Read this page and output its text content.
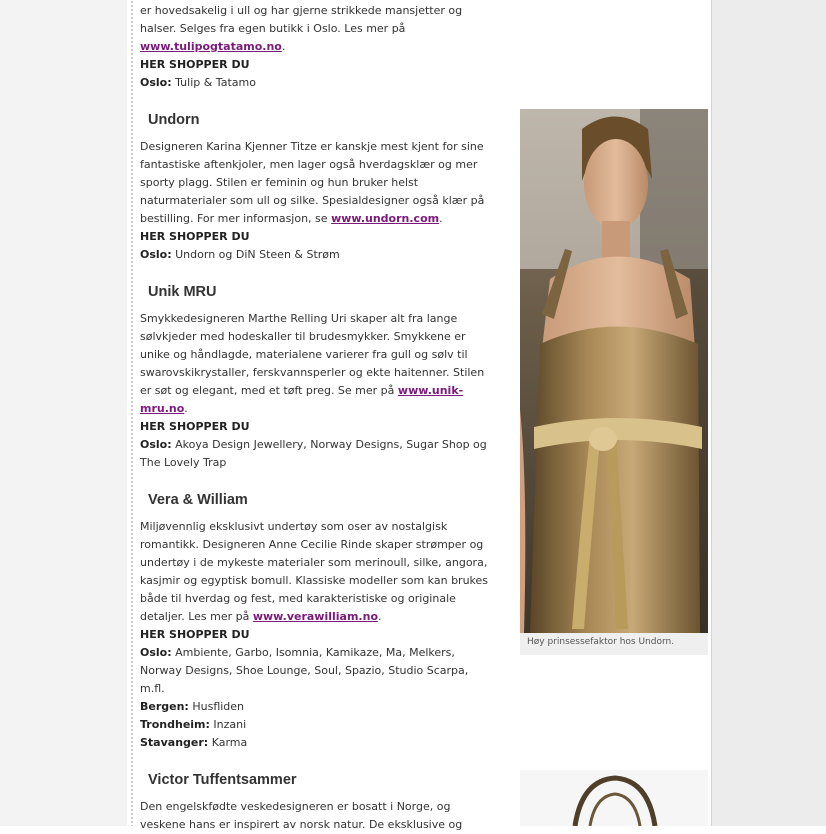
er hovedsakelig i ull og har gjerne strikkede mansjetter og

halser. Selges fra egen butikk i Oslo. Les mer på www.tulipogtatamo.no.

HER SHOPPER DU

Oslo: Tulip & Tatamo

Undorn

Designeren Karina Kjenner Titze er kanskje mest kjent for sine

fantastiske aftenkjoler, men lager også hverdagsklær og mer

sporty plagg. Stilen er feminin og hun bruker helst

naturmaterialer som ull og silke. Spesialdesigner også klær på

bestilling. For mer informasjon, se www.undorn.com.

HER SHOPPER DU

Oslo: Undorn og DiN Steen & Strøm

Unik MRU

Smykkedesigneren Marthe Relling Uri skaper alt fra lange

sølvkjeder med hodeskaller til brudesmykker. Smykkene er

unike og håndlagde, materialene varierer fra gull og sølv til

swarovskikrystaller, ferskvannsperler og ekte haitenner. Stilen

er søt og elegant, med et tøft preg. Se mer på www.unik-

mru.no.

HER SHOPPER DU

Oslo: Akoya Design Jewellery, Norway Designs, Sugar Shop og

The Lovely Trap

Vera & William

Miljøvennlig eksklusivt undertøy som oser av nostalgisk

romantikk. Designeren Anne Cecilie Rinde skaper strømper og

undertøy i de mykeste materialer som merinoull, silke, angora,

kasjmir og egyptisk bomull. Klassiske modeller som kan brukes

både til hverdag og fest, med karakteristiske og originale

detaljer. Les mer på www.verawilliam.no.

HER SHOPPER DU

Oslo: Ambiente, Garbo, Isomnia, Kamikaze, Ma, Melkers,

Norway Designs, Shoe Lounge, Soul, Spazio, Studio Scarpa,

m.fl.

Bergen: Husfliden

Trondheim: Inzani

Stavanger: Karma

Victor Tuffentsammer

Den engelskfødte veskedesigneren er bosatt i Norge, og

veskene hans er inspirert av norsk natur. De eksklusive og

Høy prinsessefaktor hos Undorn.
